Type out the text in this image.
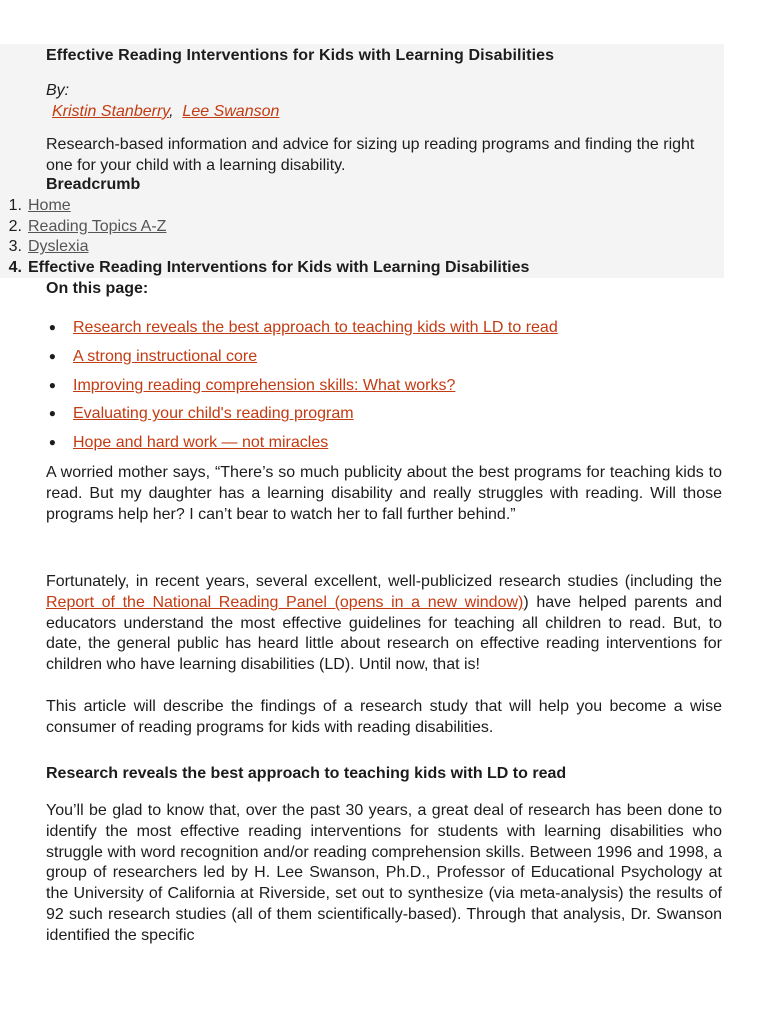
Effective Reading Interventions for Kids with Learning Disabilities
By:
Kristin Stanberry, Lee Swanson
Research-based information and advice for sizing up reading programs and finding the right one for your child with a learning disability.
Breadcrumb
1. Home
2. Reading Topics A-Z
3. Dyslexia
4. Effective Reading Interventions for Kids with Learning Disabilities
On this page:
● Research reveals the best approach to teaching kids with LD to read
● A strong instructional core
● Improving reading comprehension skills: What works?
● Evaluating your child's reading program
● Hope and hard work — not miracles

A worried mother says, “There’s so much publicity about the best programs for teaching kids to read. But my daughter has a learning disability and really struggles with reading. Will those programs help her? I can’t bear to watch her to fall further behind.”

Fortunately, in recent years, several excellent, well-publicized research studies (including the Report of the National Reading Panel (opens in a new window)) have helped parents and educators understand the most effective guidelines for teaching all children to read. But, to date, the general public has heard little about research on effective reading interventions for children who have learning disabilities (LD). Until now, that is!

This article will describe the findings of a research study that will help you become a wise consumer of reading programs for kids with reading disabilities.

Research reveals the best approach to teaching kids with LD to read

You’ll be glad to know that, over the past 30 years, a great deal of research has been done to identify the most effective reading interventions for students with learning disabilities who struggle with word recognition and/or reading comprehension skills. Between 1996 and 1998, a group of researchers led by H. Lee Swanson, Ph.D., Professor of Educational Psychology at the University of California at Riverside, set out to synthesize (via meta-analysis) the results of 92 such research studies (all of them scientifically-based). Through that analysis, Dr. Swanson identified the specific
